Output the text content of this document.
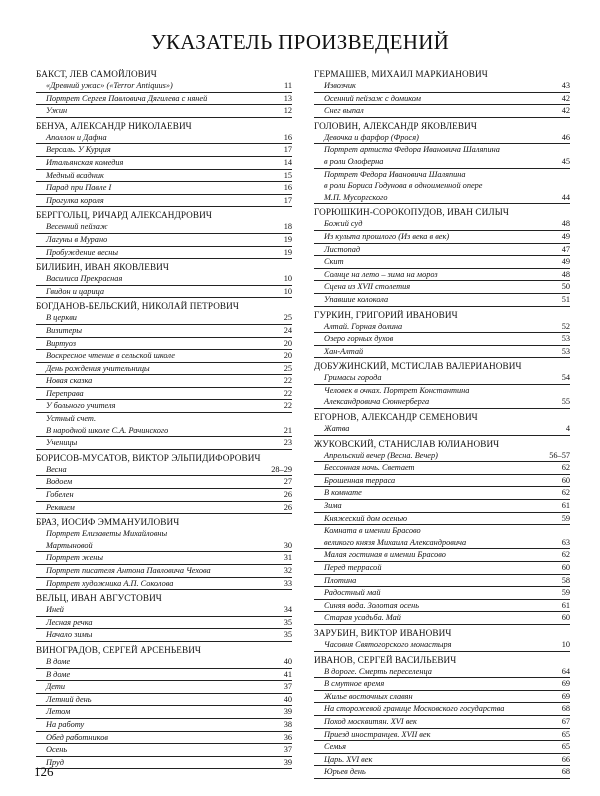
УКАЗАТЕЛЬ ПРОИЗВЕДЕНИЙ
БАКСТ, ЛЕВ САМОЙЛОВИЧ
«Древний ужас» («Terror Antiquus»)	11
Портрет Сергея Павловича Дягилева с няней	13
Ужин	12
БЕНУА, АЛЕКСАНДР НИКОЛАЕВИЧ
Аполлон и Дафна	16
Версаль. У Курция	17
Итальянская комедия	14
Медный всадник	15
Парад при Павле I	16
Прогулка короля	17
БЕРГГОЛЬЦ, РИЧАРД АЛЕКСАНДРОВИЧ
Весенний пейзаж	18
Лагуны в Мурано	19
Пробуждение весны	19
БИЛИБИН, ИВАН ЯКОВЛЕВИЧ
Василиса Прекрасная	10
Гвидон и царица	10
БОГДАНОВ-БЕЛЬСКИЙ, НИКОЛАЙ ПЕТРОВИЧ
В церкви	25
Визитеры	24
Виртуоз	20
Воскресное чтение в сельской школе	20
День рождения учительницы	25
Новая сказка	22
Переправа	22
У больного учителя	22
Устный счет.
В народной школе С.А. Рачинского	21
Ученицы	23
БОРИСОВ-МУСАТОВ, ВИКТОР ЭЛЬПИДИФОРОВИЧ
Весна	28–29
Водоем	27
Гобелен	26
Реквием	26
БРАЗ, ИОСИФ ЭММАНУИЛОВИЧ
Портрет Елизаветы Михайловны
Мартыновой	30
Портрет жены	31
Портрет писателя Антона Павловича Чехова	32
Портрет художника А.П. Соколова	33
ВЕЛЬЦ, ИВАН АВГУСТОВИЧ
Иней	34
Лесная речка	35
Начало зимы	35
ВИНОГРАДОВ, СЕРГЕЙ АРСЕНЬЕВИЧ
В доме	40
В доме	41
Дети	37
Летний день	40
Летом	39
На работу	38
Обед работников	36
Осень	37
Пруд	39
ГЕРМАШЕВ, МИХАИЛ МАРКИАНОВИЧ
Извозчик	43
Осенний пейзаж с домиком	42
Снег выпал	42
ГОЛОВИН, АЛЕКСАНДР ЯКОВЛЕВИЧ
Девочка и фарфор (Фрося)	46
Портрет артиста Федора Ивановича Шаляпина
в роли Олоферна	45
Портрет Федора Ивановича Шаляпина
в роли Бориса Годунова в одноименной опере
М.П. Мусоргского	44
ГОРЮШКИН-СОРОКОПУДОВ, ИВАН СИЛЫЧ
Божий суд	48
Из культа прошлого (Из века в век)	49
Листопад	47
Скит	49
Солнце на лето – зима на мороз	48
Сцена из XVII столетия	50
Упавшие колокола	51
ГУРКИН, ГРИГОРИЙ ИВАНОВИЧ
Алтай. Горная долина	52
Озеро горных духов	53
Хан-Алтай	53
ДОБУЖИНСКИЙ, МСТИСЛАВ ВАЛЕРИАНОВИЧ
Гримасы города	54
Человек в очках. Портрет Константина
Александровича Сюннерберга	55
ЕГОРНОВ, АЛЕКСАНДР СЕМЕНОВИЧ
Жатва	4
ЖУКОВСКИЙ, СТАНИСЛАВ ЮЛИАНОВИЧ
Апрельский вечер (Весна. Вечер)	56–57
Бессонная ночь. Светает	62
Брошенная терраса	60
В комнате	62
Зима	61
Княжеский дом осенью	59
Комната в имении Брасово
великого князя Михаила Александровича	63
Малая гостиная в имении Брасово	62
Перед террасой	60
Плотина	58
Радостный май	59
Синяя вода. Золотая осень	61
Старая усадьба. Май	60
ЗАРУБИН, ВИКТОР ИВАНОВИЧ
Часовня Святогорского монастыря	10
ИВАНОВ, СЕРГЕЙ ВАСИЛЬЕВИЧ
В дороге. Смерть переселенца	64
В смутное время	69
Жилье восточных славян	69
На сторожевой границе Московского государства	68
Поход москвитян. XVI век	67
Приезд иностранцев. XVII век	65
Семья	65
Царь. XVI век	66
Юрьев день	68
126
